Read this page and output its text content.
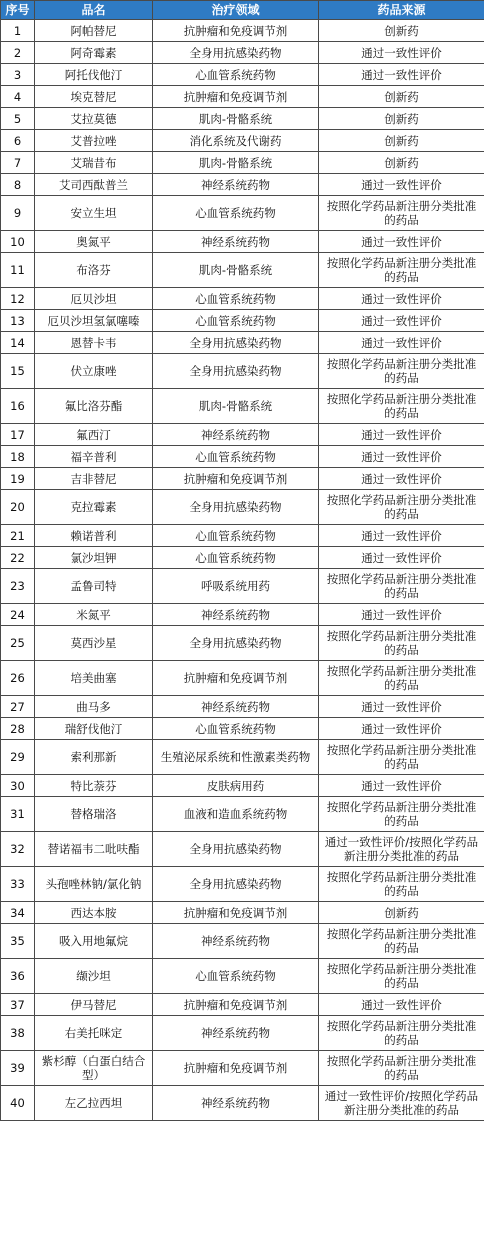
序号	品名	治疗领域	药品来源
1	阿帕替尼	抗肿瘤和免疫调节剂	创新药
2	阿奇霉素	全身用抗感染药物	通过一致性评价
3	阿托伐他汀	心血管系统药物	通过一致性评价
4	埃克替尼	抗肿瘤和免疫调节剂	创新药
5	艾拉莫德	肌肉-骨骼系统	创新药
6	艾普拉唑	消化系统及代谢药	创新药
7	艾瑞昔布	肌肉-骨骼系统	创新药
8	艾司西酞普兰	神经系统药物	通过一致性评价
9	安立生坦	心血管系统药物	按照化学药品新注册分类批准的药品
10	奥氮平	神经系统药物	通过一致性评价
11	布洛芬	肌肉-骨骼系统	按照化学药品新注册分类批准的药品
12	厄贝沙坦	心血管系统药物	通过一致性评价
13	厄贝沙坦氢氯噻嗪	心血管系统药物	通过一致性评价
14	恩替卡韦	全身用抗感染药物	通过一致性评价
15	伏立康唑	全身用抗感染药物	按照化学药品新注册分类批准的药品
16	氟比洛芬酯	肌肉-骨骼系统	按照化学药品新注册分类批准的药品
17	氟西汀	神经系统药物	通过一致性评价
18	福辛普利	心血管系统药物	通过一致性评价
19	吉非替尼	抗肿瘤和免疫调节剂	通过一致性评价
20	克拉霉素	全身用抗感染药物	按照化学药品新注册分类批准的药品
21	赖诺普利	心血管系统药物	通过一致性评价
22	氯沙坦钾	心血管系统药物	通过一致性评价
23	孟鲁司特	呼吸系统用药	按照化学药品新注册分类批准的药品
24	米氮平	神经系统药物	通过一致性评价
25	莫西沙星	全身用抗感染药物	按照化学药品新注册分类批准的药品
26	培美曲塞	抗肿瘤和免疫调节剂	按照化学药品新注册分类批准的药品
27	曲马多	神经系统药物	通过一致性评价
28	瑞舒伐他汀	心血管系统药物	通过一致性评价
29	索利那新	生殖泌尿系统和性激素类药物	按照化学药品新注册分类批准的药品
30	特比萘芬	皮肤病用药	通过一致性评价
31	替格瑞洛	血液和造血系统药物	按照化学药品新注册分类批准的药品
32	替诺福韦二吡呋酯	全身用抗感染药物	通过一致性评价/按照化学药品新注册分类批准的药品
33	头孢唑林钠/氯化钠	全身用抗感染药物	按照化学药品新注册分类批准的药品
34	西达本胺	抗肿瘤和免疫调节剂	创新药
35	吸入用地氟烷	神经系统药物	按照化学药品新注册分类批准的药品
36	缬沙坦	心血管系统药物	按照化学药品新注册分类批准的药品
37	伊马替尼	抗肿瘤和免疫调节剂	通过一致性评价
38	右美托咪定	神经系统药物	按照化学药品新注册分类批准的药品
39	紫杉醇（白蛋白结合型）	抗肿瘤和免疫调节剂	按照化学药品新注册分类批准的药品
40	左乙拉西坦	神经系统药物	通过一致性评价/按照化学药品新注册分类批准的药品
